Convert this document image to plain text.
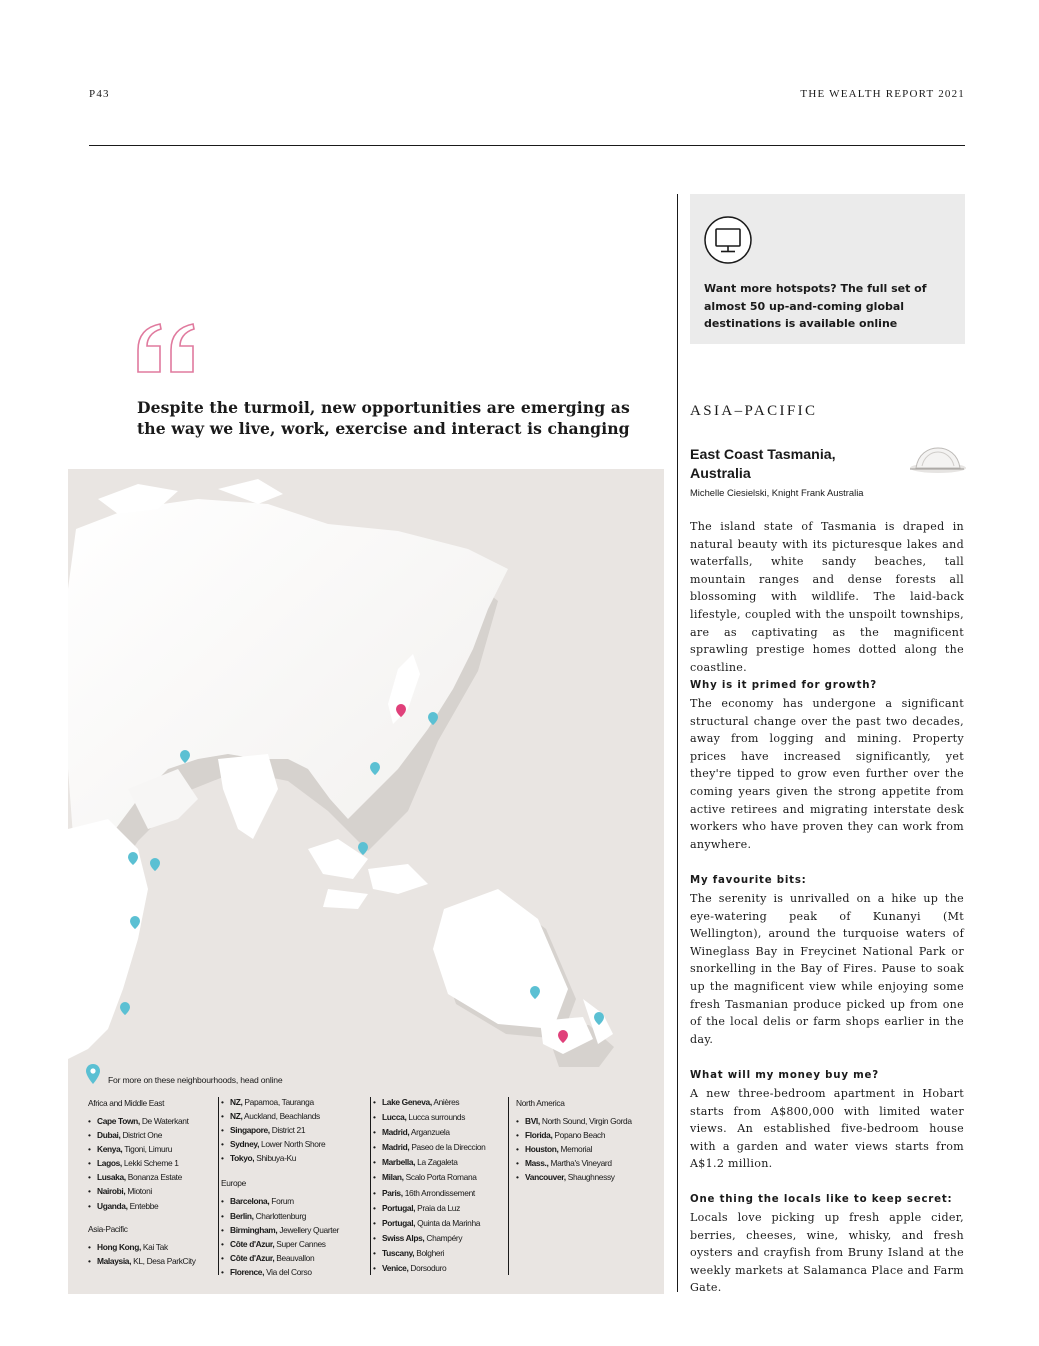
P43	THE WEALTH REPORT 2021
Despite the turmoil, new opportunities are emerging as the way we live, work, exercise and interact is changing
For more on these neighbourhoods, head online
Africa and Middle East
• Cape Town, De Waterkant
• Dubai, District One
• Kenya, Tigoni, Limuru
• Lagos, Lekki Scheme 1
• Lusaka, Bonanza Estate
• Nairobi, Miotoni
• Uganda, Entebbe
Asia-Pacific
• Hong Kong, Kai Tak
• Malaysia, KL, Desa ParkCity
• NZ, Papamoa, Tauranga
• NZ, Auckland, Beachlands
• Singapore, District 21
• Sydney, Lower North Shore
• Tokyo, Shibuya-Ku
Europe
• Barcelona, Forum
• Berlin, Charlottenburg
• Birmingham, Jewellery Quarter
• Côte d'Azur, Super Cannes
• Côte d'Azur, Beauvallon
• Florence, Via del Corso
• Lake Geneva, Anières
• Lucca, Lucca surrounds
• Madrid, Arganzuela
• Madrid, Paseo de la Direccion
• Marbella, La Zagaleta
• Milan, Scalo Porta Romana
• Paris, 16th Arrondissement
• Portugal, Praia da Luz
• Portugal, Quinta da Marinha
• Swiss Alps, Champéry
• Tuscany, Bolgheri
• Venice, Dorsoduro
North America
• BVI, North Sound, Virgin Gorda
• Florida, Popano Beach
• Houston, Memorial
• Mass., Martha's Vineyard
• Vancouver, Shaughnessy

Want more hotspots? The full set of almost 50 up-and-coming global destinations is available online

ASIA–PACIFIC
East Coast Tasmania, Australia
Michelle Ciesielski, Knight Frank Australia
The island state of Tasmania is draped in natural beauty with its picturesque lakes and waterfalls, white sandy beaches, tall mountain ranges and dense forests all blossoming with wildlife. The laid-back lifestyle, coupled with the unspoilt townships, are as captivating as the magnificent sprawling prestige homes dotted along the coastline.
Why is it primed for growth?
The economy has undergone a significant structural change over the past two decades, away from logging and mining. Property prices have increased significantly, yet they're tipped to grow even further over the coming years given the strong appetite from active retirees and migrating interstate desk workers who have proven they can work from anywhere.
My favourite bits:
The serenity is unrivalled on a hike up the eye-watering peak of Kunanyi (Mt Wellington), around the turquoise waters of Wineglass Bay in Freycinet National Park or snorkelling in the Bay of Fires. Pause to soak up the magnificent view while enjoying some fresh Tasmanian produce picked up from one of the local delis or farm shops earlier in the day.
What will my money buy me?
A new three-bedroom apartment in Hobart starts from A$800,000 with limited water views. An established five-bedroom house with a garden and water views starts from A$1.2 million.
One thing the locals like to keep secret:
Locals love picking up fresh apple cider, berries, cheeses, wine, whisky, and fresh oysters and crayfish from Bruny Island at the weekly markets at Salamanca Place and Farm Gate.
